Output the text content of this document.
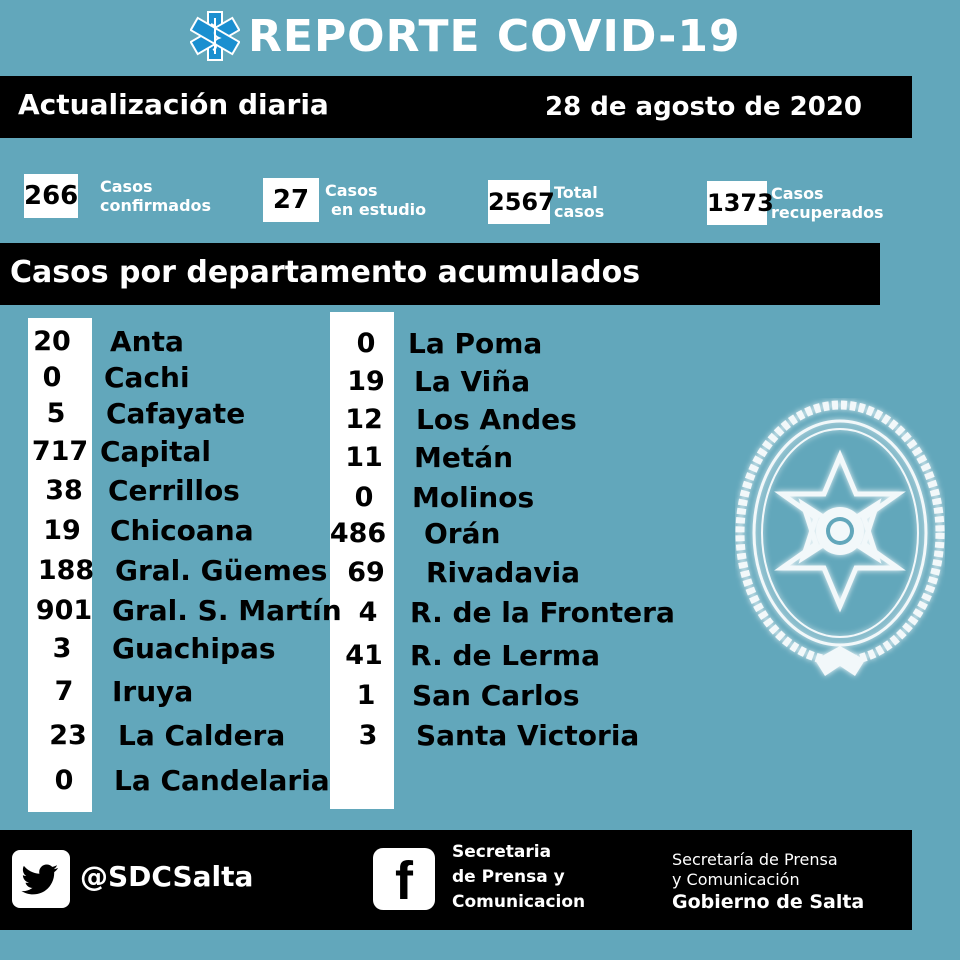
REPORTE COVID-19
Actualización diaria	28 de agosto de 2020
266 Casos
confirmados	27 Casos
en estudio	2567 Total
casos	1373
Casos
recuperados
Casos por departamento acumulados
20	Anta
0	Cachi
5	Cafayate
717 Capital
38 Cerrillos
19	Chicoana
188 Gral. Güemes
901 Gral. S. Martín
3	Guachipas
7	Iruya
23	La Caldera
0	La Candelaria
0	La Poma
19	La Viña
12	Los Andes
11	Metán
0	Molinos
486 Orán
69	Rivadavia
4	R. de la Frontera
41 R. de Lerma
1	San Carlos
3	Santa Victoria
@SDCSalta	f	Secretaria
de Prensa y
Comunicacion
Secretaría de Prensa
y Comunicación
Gobierno de Salta
